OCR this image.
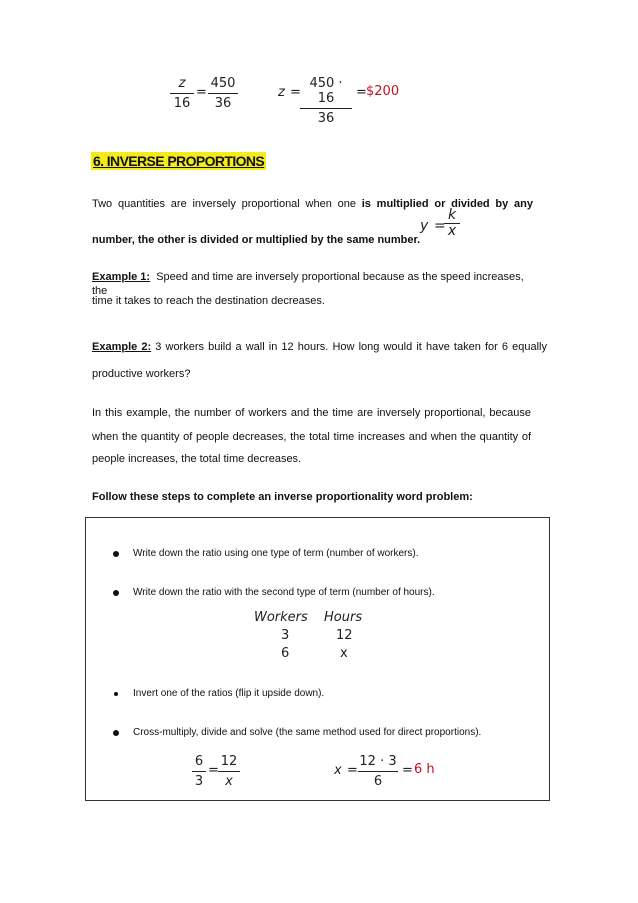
z
16
=
450
36
z =
450 · 16
36
= $200
6. INVERSE PROPORTIONS
Two quantities are inversely proportional when one is multiplied or divided by any
y =
k
x
number, the other is divided or multiplied by the same number.
Example 1: Speed and time are inversely proportional because as the speed increases, the
time it takes to reach the destination decreases.
Example 2: 3 workers build a wall in 12 hours. How long would it have taken for 6 equally
productive workers?
In this example, the number of workers and the time are inversely proportional, because
when the quantity of people decreases, the total time increases and when the quantity of
people increases, the total time decreases.
Follow these steps to complete an inverse proportionality word problem:
Write down the ratio using one type of term (number of workers).
Write down the ratio with the second type of term (number of hours).
Workers Hours
3	12
6	x
Invert one of the ratios (flip it upside down).
Cross-multiply, divide and solve (the same method used for direct proportions).
6
3
=
12
x
x =
12 · 3
6
= 6 h
